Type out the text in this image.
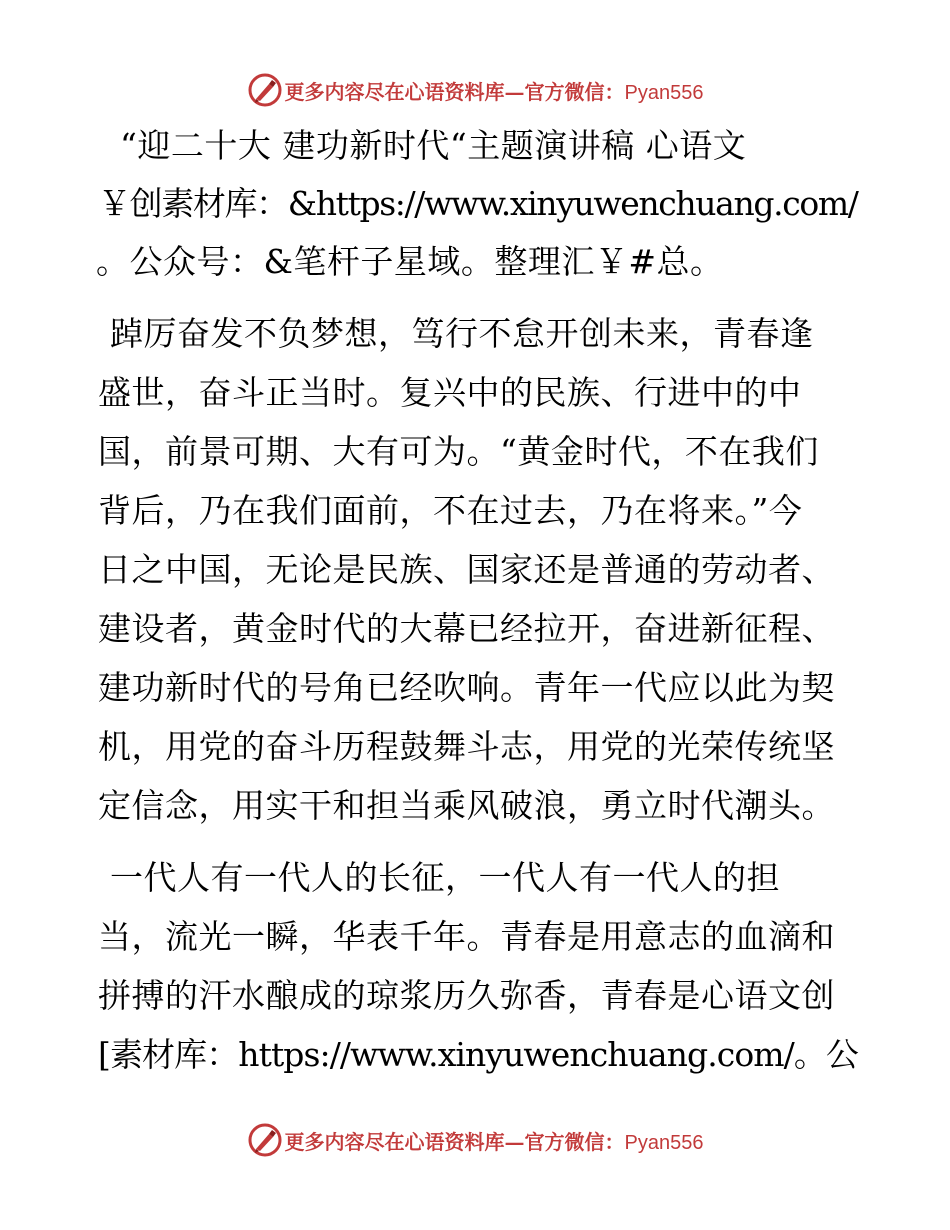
更多内容尽在心语资料库—官方微信：Pyan556
“迎二十大 建功新时代“主题演讲稿 心语文
￥创素材库：&https://www.xinyuwenchuang.com/
。公众号：&笔杆子星域。整理汇￥#总。
踔厉奋发不负梦想，笃行不怠开创未来，青春逢
盛世，奋斗正当时。复兴中的民族、行进中的中
国，前景可期、大有可为。“黄金时代，不在我们
背后，乃在我们面前，不在过去，乃在将来。”今
日之中国，无论是民族、国家还是普通的劳动者、
建设者，黄金时代的大幕已经拉开，奋进新征程、
建功新时代的号角已经吹响。青年一代应以此为契
机，用党的奋斗历程鼓舞斗志，用党的光荣传统坚
定信念，用实干和担当乘风破浪，勇立时代潮头。
一代人有一代人的长征，一代人有一代人的担
当，流光一瞬，华表千年。青春是用意志的血滴和
拼搏的汗水酿成的琼浆历久弥香，青春是心语文创
[素材库：https://www.xinyuwenchuang.com/。公
更多内容尽在心语资料库—官方微信：Pyan556
